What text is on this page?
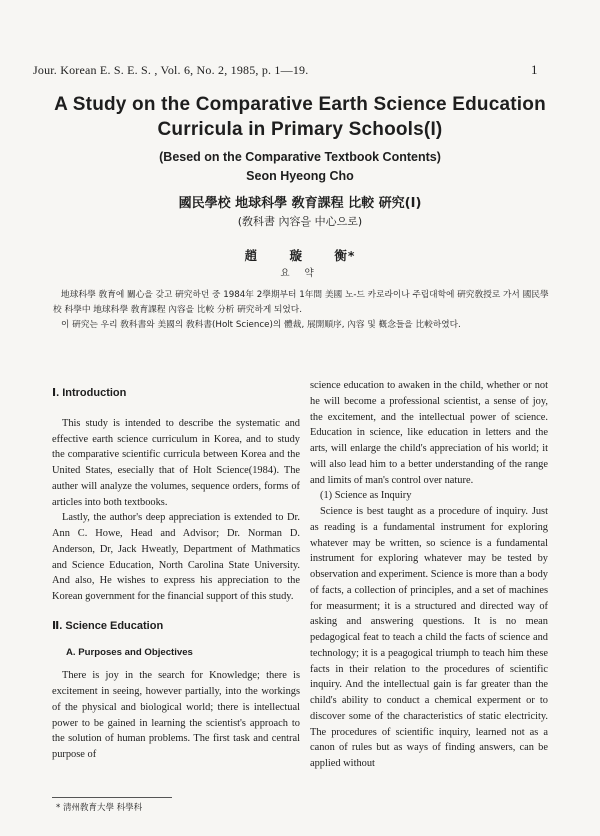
Jour. Korean E. S. E. S. , Vol. 6, No. 2, 1985, p. 1—19.	1
A Study on the Comparative Earth Science Education
Curricula in Primary Schools(I)
(Besed on the Comparative Textbook Contents)
Seon Hyeong Cho
國民學校 地球科學 敎育課程 比較 硏究(Ⅰ)
(敎科書 內容을 中心으로)
趙 璇 衡*
요 약

地球科學 敎育에 關心을 갖고 硏究하던 중 1984年 2學期부터 1年間 美國 노-드 카로라이나 주립대학에 硏究敎授로 가서 國民學校 科學中 地球科學 敎育課程 內容을 比較 分析 硏究하게 되었다.

이 硏究는 우리 敎科書와 美國의 敎科書(Holt Science)의 體裁, 展開順序, 內容 및 槪念들을 比較하였다.

Ⅰ. Introduction

This study is intended to describe the systematic and effective earth science curriculum in Korea, and to study the comparative scientific curricula between Korea and the United States, esecially that of Holt Science(1984). The auther will analyze the volumes, sequence orders, forms of articles into both textbooks.

Lastly, the author's deep appreciation is extended to Dr. Ann C. Howe, Head and Advisor; Dr. Norman D. Anderson, Dr, Jack Hweatly, Department of Mathmatics and Science Education, North Carolina State University. And also, He wishes to express his appreciation to the Korean government for the financial support of this study.

Ⅱ. Science Education

A. Purposes and Objectives

There is joy in the search for Knowledge; there is excitement in seeing, however partially, into the workings of the physical and biological world; there is intellectual power to be gained in learning the scientist's approach to the solution of human problems. The first task and central purpose of

science education to awaken in the child, whether or not he will become a professional scientist, a sense of joy, the excitement, and the intellectual power of science. Education in science, like education in letters and the arts, will enlarge the child's appreciation of his world; it will also lead him to a better understanding of the range and limits of man's control over nature.

(1) Science as Inquiry

Science is best taught as a procedure of inquiry. Just as reading is a fundamental instrument for exploring whatever may be written, so science is a fundamental instrument for exploring whatever may be tested by observation and experiment. Science is more than a body of facts, a collection of principles, and a set of machines for measurment; it is a structured and directed way of asking and answering questions. It is no mean pedagogical feat to teach a child the facts of science and technology; it is a peagogical triumph to teach him these facts in their relation to the procedures of scientific inquiry. And the intellectual gain is far greater than the child's ability to conduct a chemical experment or to discover some of the characteristics of static electricity. The procedures of scientific inquiry, learned not as a canon of rules but as ways of finding answers, can be applied without

* 淸州敎育大學 科學科
